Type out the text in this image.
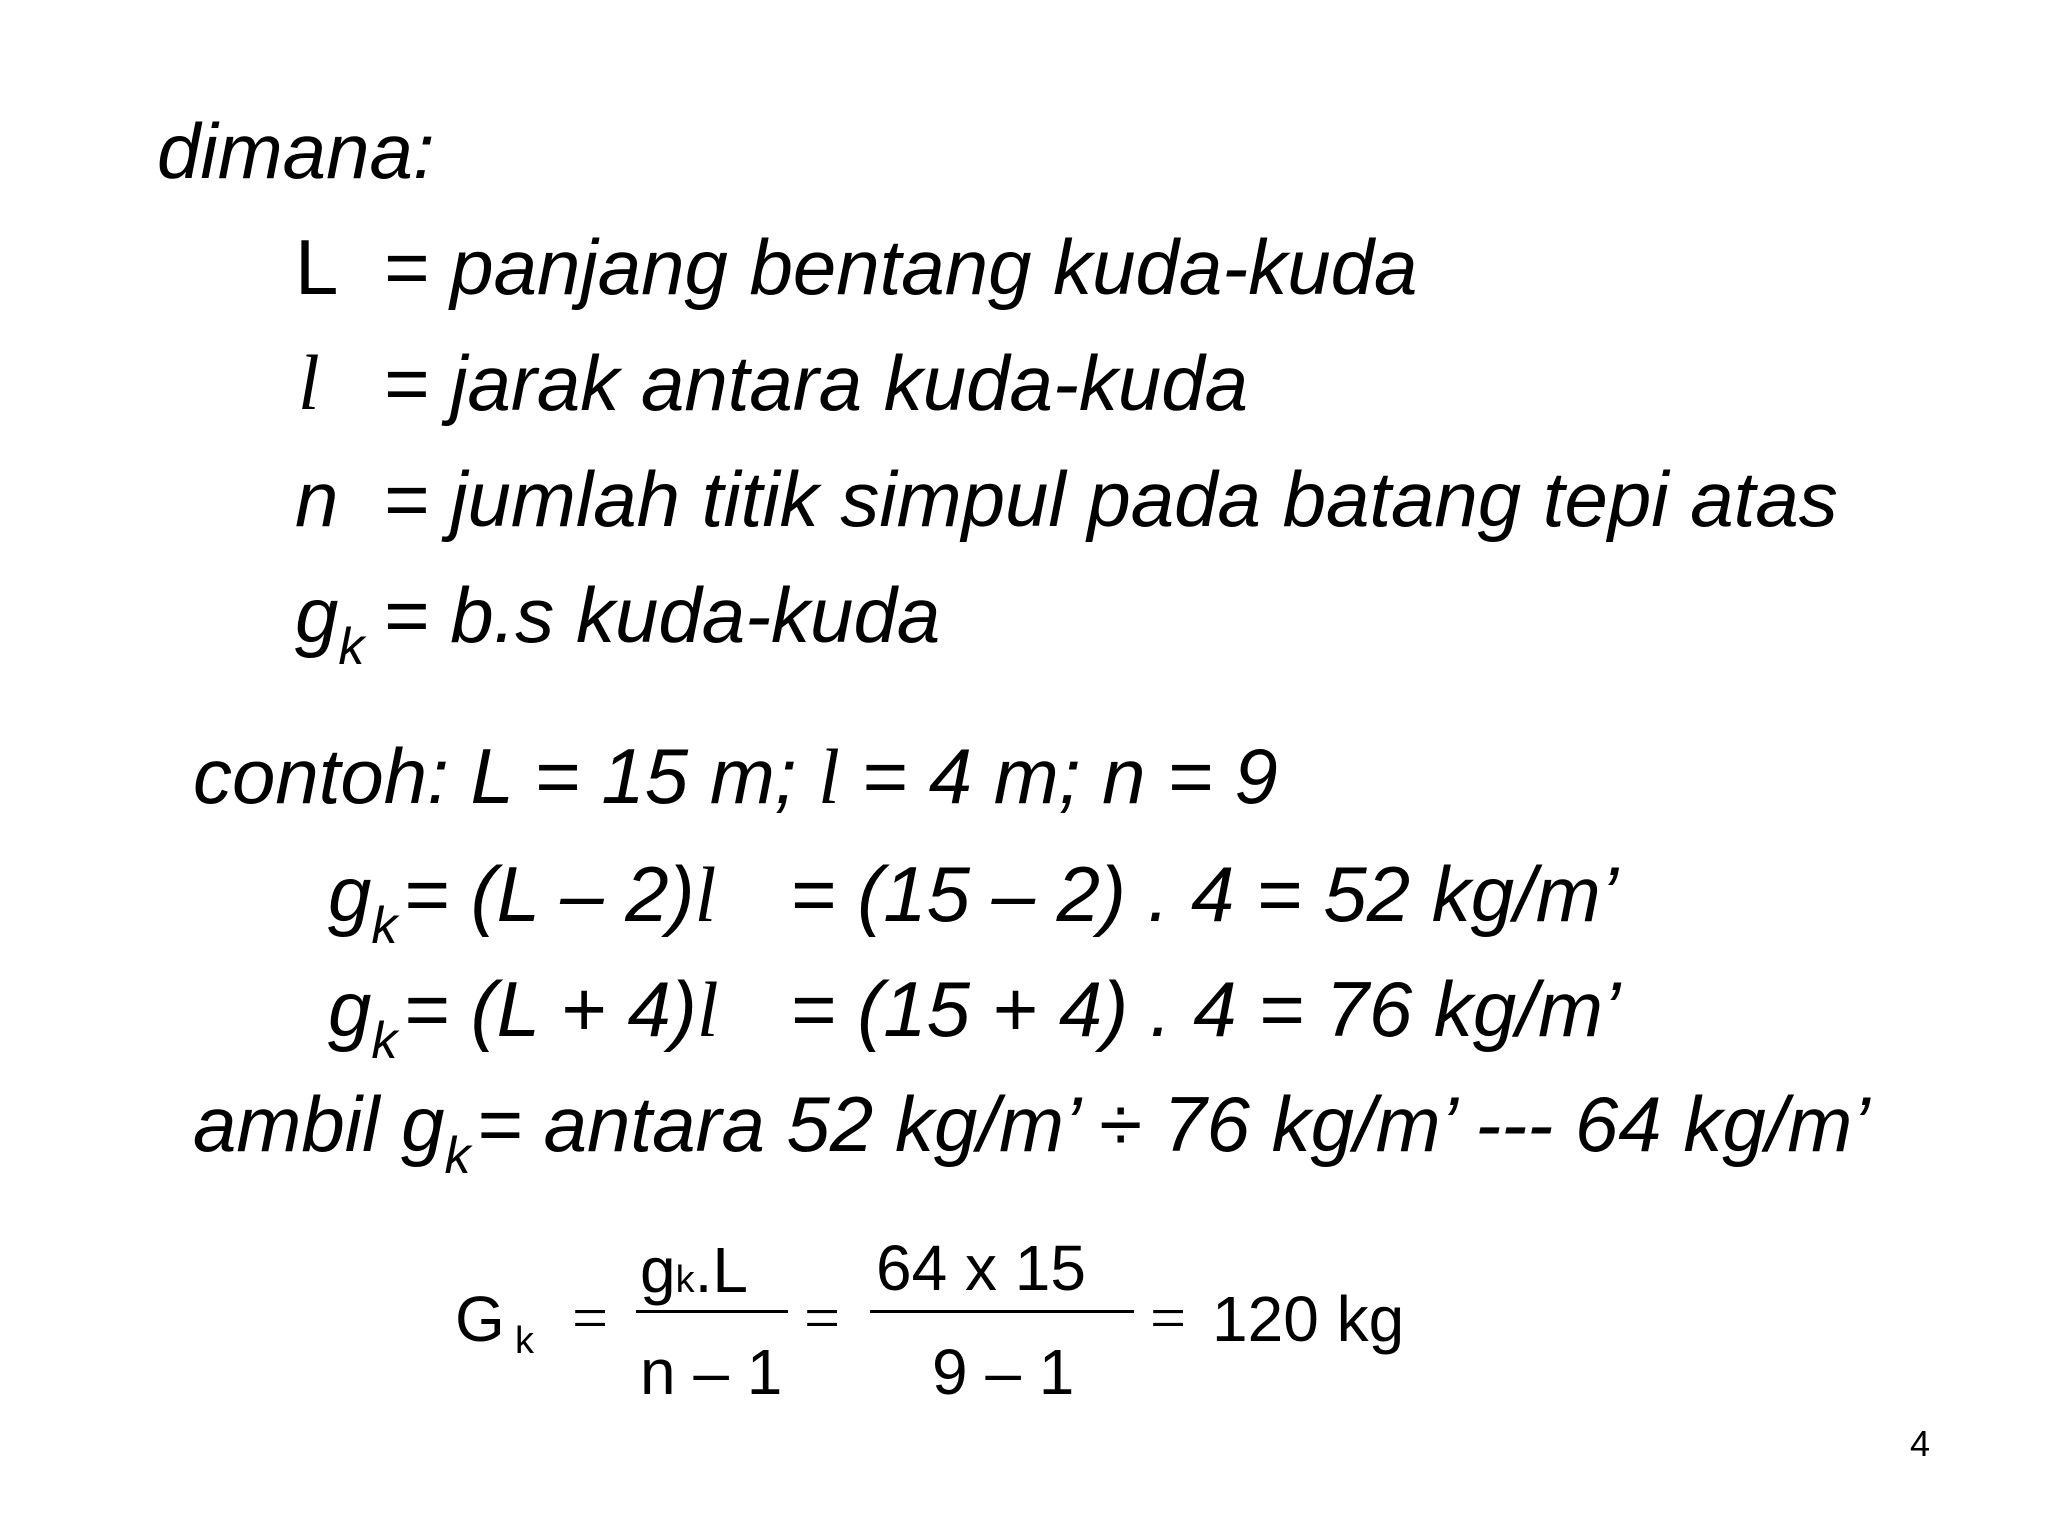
dimana:
L = panjang bentang kuda-kuda
l = jarak antara kuda-kuda
n = jumlah titik simpul pada batang tepi atas
$g_k = b.s$ kuda-kuda
contoh: L = 15 m; l = 4 m; n = 9
$g_k= (L - 2)l = (15 - 2)$ . 4 = 52 kg/m’
$g_k= (L + 4)l = (15 + 4)$ . 4 = 76 kg/m’
ambil $g_k=$ antara 52 kg/m’ ÷ 76 kg/m’ --- 64 kg/m’
G k =
gk.L
n – 1
=
64 x 15
9 – 1
= 120 kg
4
